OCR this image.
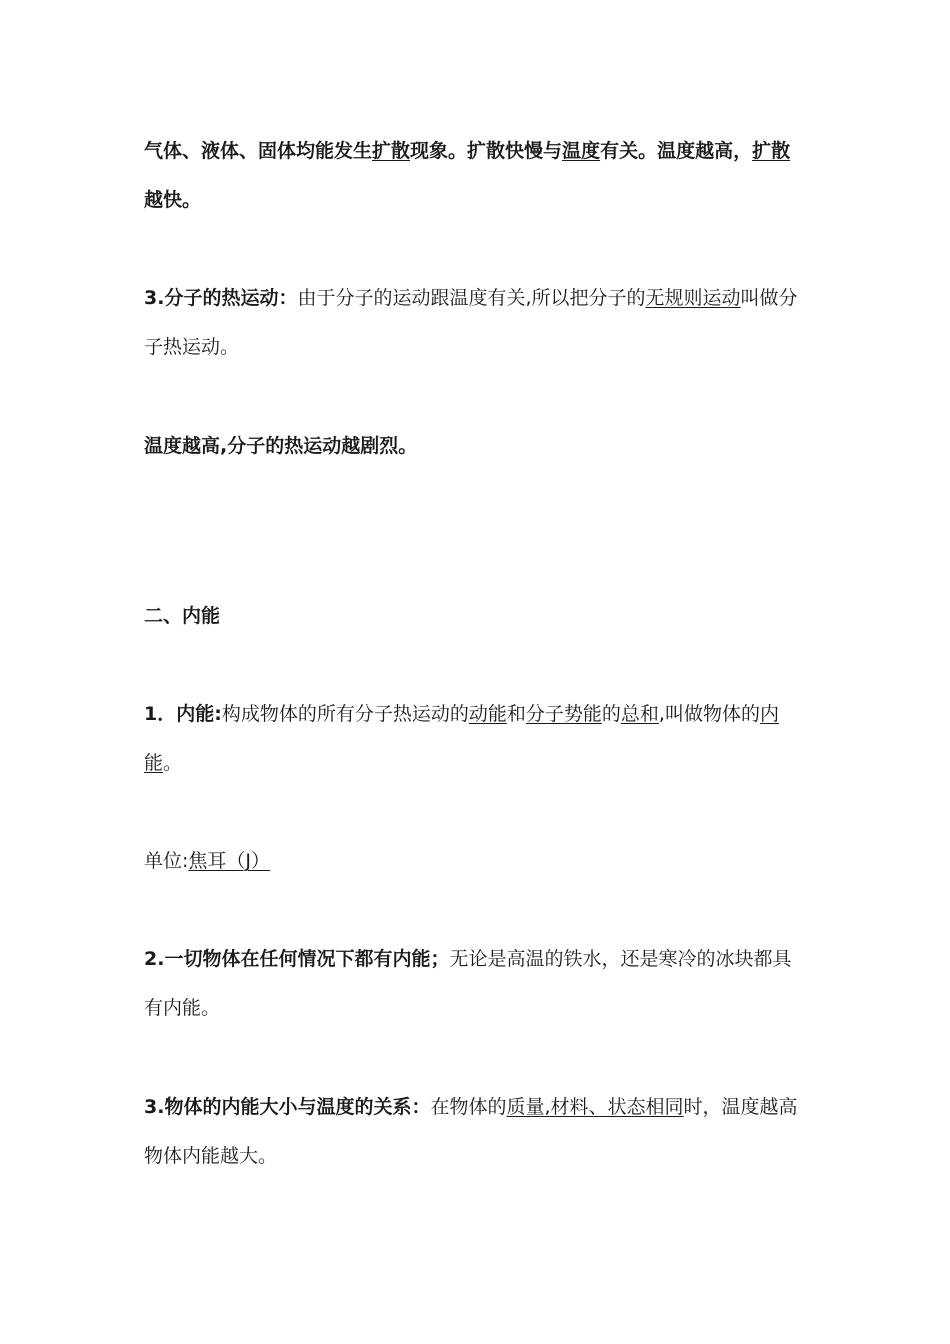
气体、液体、固体均能发生扩散现象。扩散快慢与温度有关。温度越高，扩散越快。

3.分子的热运动：由于分子的运动跟温度有关,所以把分子的无规则运动叫做分子热运动。

温度越高,分子的热运动越剧烈。

二、内能

1．内能:构成物体的所有分子热运动的动能和分子势能的总和,叫做物体的内能。

单位:焦耳（J）

2.一切物体在任何情况下都有内能；无论是高温的铁水，还是寒冷的冰块都具有内能。

3.物体的内能大小与温度的关系：在物体的质量,材料、状态相同时，温度越高物体内能越大。
